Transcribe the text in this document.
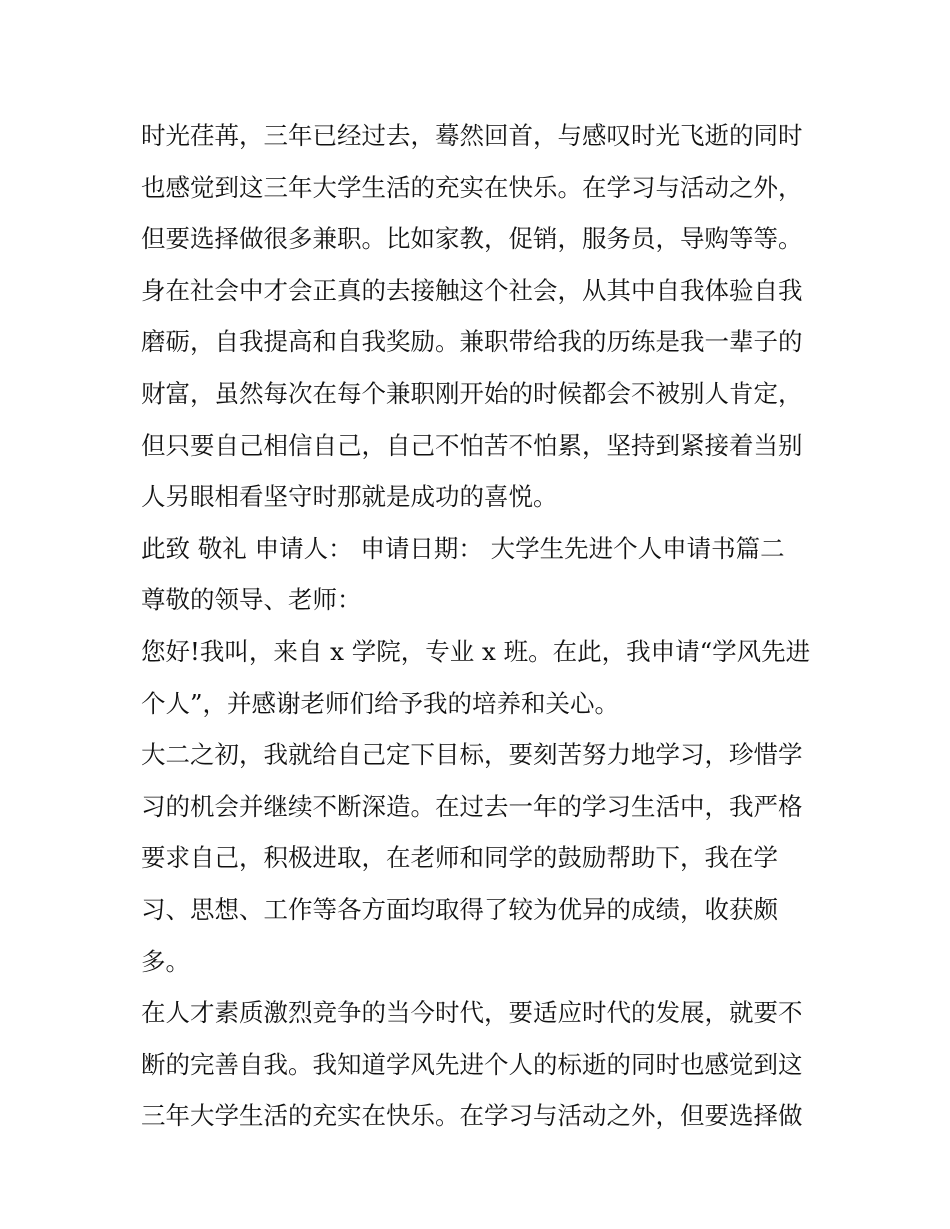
时光荏苒，三年已经过去，蓦然回首，与感叹时光飞逝的同时

也感觉到这三年大学生活的充实在快乐。在学习与活动之外，

但要选择做很多兼职。比如家教，促销，服务员，导购等等。

身在社会中才会正真的去接触这个社会，从其中自我体验自我

磨砺，自我提高和自我奖励。兼职带给我的历练是我一辈子的

财富，虽然每次在每个兼职刚开始的时候都会不被别人肯定，

但只要自己相信自己，自己不怕苦不怕累，坚持到紧接着当别

人另眼相看坚守时那就是成功的喜悦。

此致 敬礼 申请人： 申请日期： 大学生先进个人申请书篇二

尊敬的领导、老师：

您好!我叫，来自 x 学院，专业 x 班。在此，我申请“学风先进

个人”，并感谢老师们给予我的培养和关心。

大二之初，我就给自己定下目标，要刻苦努力地学习，珍惜学

习的机会并继续不断深造。在过去一年的学习生活中，我严格

要求自己，积极进取，在老师和同学的鼓励帮助下，我在学

习、思想、工作等各方面均取得了较为优异的成绩，收获颇

多。

在人才素质激烈竞争的当今时代，要适应时代的发展，就要不

断的完善自我。我知道学风先进个人的标逝的同时也感觉到这

三年大学生活的充实在快乐。在学习与活动之外，但要选择做
